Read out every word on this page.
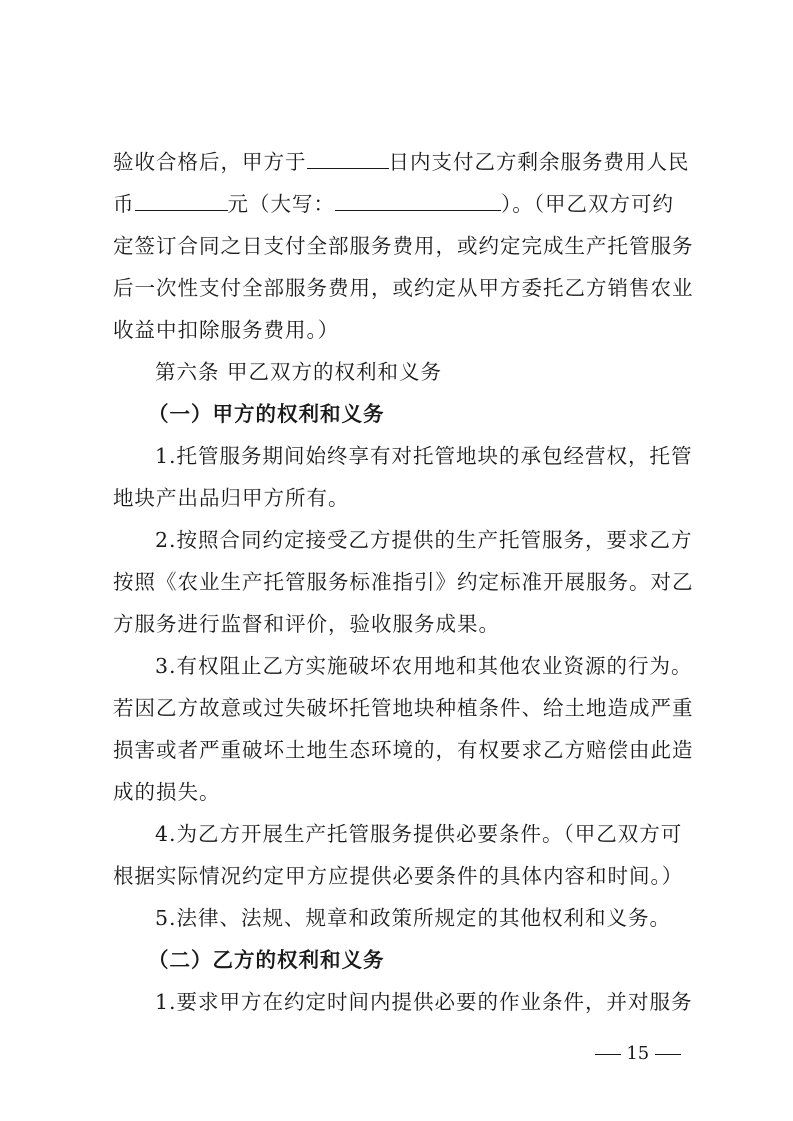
验收合格后，甲方于	日内支付乙方剩余服务费用人民
币	元（大写：	）。（甲乙双方可约
定签订合同之日支付全部服务费用，或约定完成生产托管服务
后一次性支付全部服务费用，或约定从甲方委托乙方销售农业
收益中扣除服务费用。）
第六条 甲乙双方的权利和义务
（一）甲方的权利和义务
1.托管服务期间始终享有对托管地块的承包经营权，托管
地块产出品归甲方所有。
2.按照合同约定接受乙方提供的生产托管服务，要求乙方
按照《农业生产托管服务标准指引》约定标准开展服务。对乙
方服务进行监督和评价，验收服务成果。
3.有权阻止乙方实施破坏农用地和其他农业资源的行为。
若因乙方故意或过失破坏托管地块种植条件、给土地造成严重
损害或者严重破坏土地生态环境的，有权要求乙方赔偿由此造
成的损失。
4.为乙方开展生产托管服务提供必要条件。（甲乙双方可
根据实际情况约定甲方应提供必要条件的具体内容和时间。）
5.法律、法规、规章和政策所规定的其他权利和义务。
（二）乙方的权利和义务
1.要求甲方在约定时间内提供必要的作业条件，并对服务
15
